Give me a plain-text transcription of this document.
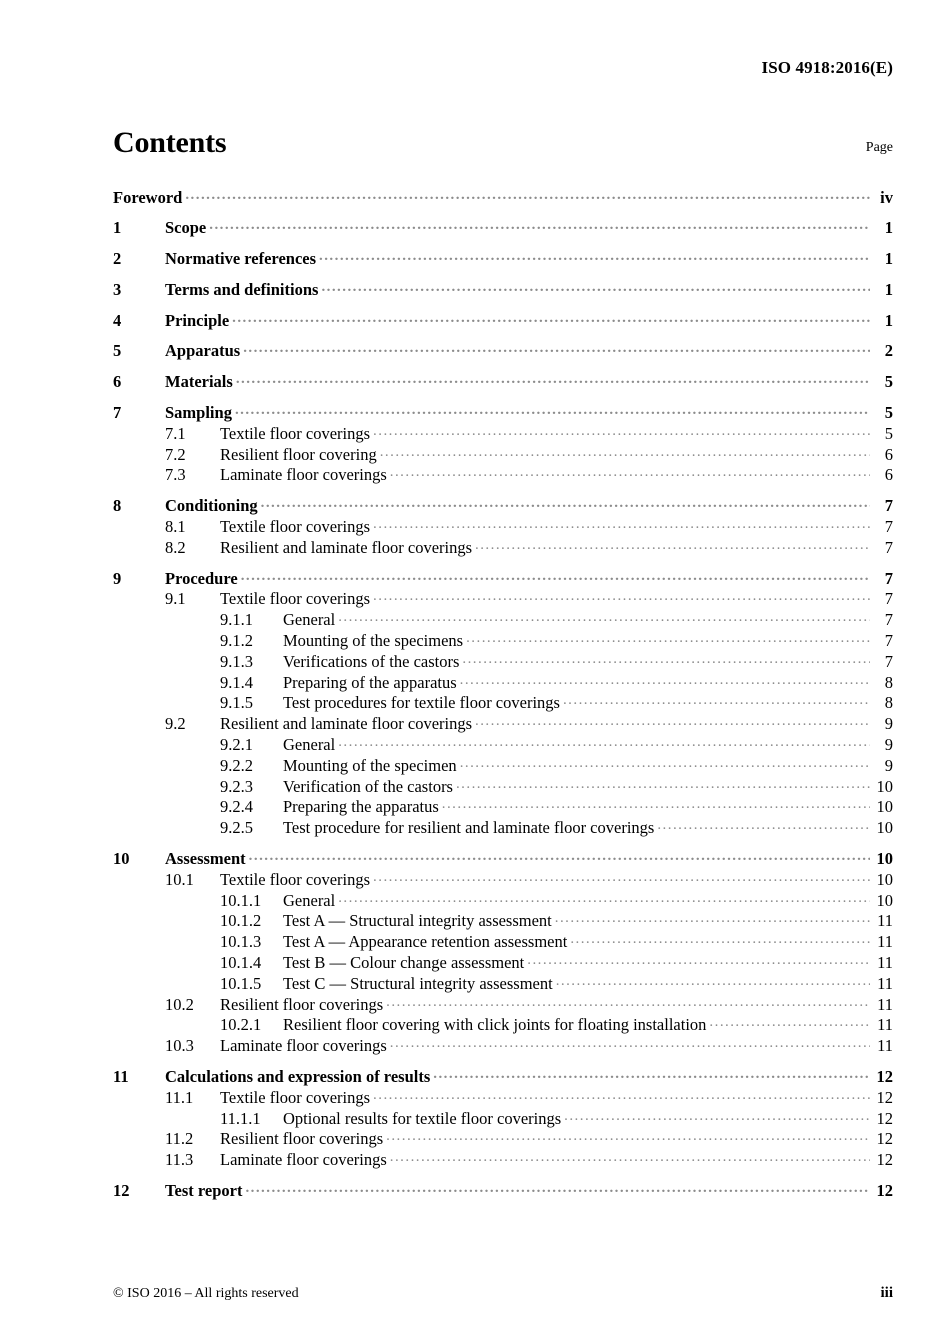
ISO 4918:2016(E)
Contents	Page
Foreword . . .	iv
1	Scope . . .	1
2	Normative references . . .	1
3	Terms and definitions . . .	1
4	Principle . . .	1
5	Apparatus . . .	2
6	Materials . . .	5
7	Sampling . . .	5
7.1	Textile floor coverings . . .	5
7.2	Resilient floor covering . . .	6
7.3	Laminate floor coverings . . .	6
8	Conditioning . . .	7
8.1	Textile floor coverings . . .	7
8.2	Resilient and laminate floor coverings . . .	7
9	Procedure . . .	7
9.1	Textile floor coverings . . .	7
9.1.1	General . . .	7
9.1.2	Mounting of the specimens . . .	7
9.1.3	Verifications of the castors . . .	7
9.1.4	Preparing of the apparatus . . .	8
9.1.5	Test procedures for textile floor coverings . . .	8
9.2	Resilient and laminate floor coverings . . .	9
9.2.1	General . . .	9
9.2.2	Mounting of the specimen . . .	9
9.2.3	Verification of the castors . . .	10
9.2.4	Preparing the apparatus . . .	10
9.2.5	Test procedure for resilient and laminate floor coverings . . .	10
10	Assessment . . .	10
10.1	Textile floor coverings . . .	10
10.1.1	General . . .	10
10.1.2	Test A — Structural integrity assessment . . .	11
10.1.3	Test A — Appearance retention assessment . . .	11
10.1.4	Test B — Colour change assessment . . .	11
10.1.5	Test C — Structural integrity assessment . . .	11
10.2	Resilient floor coverings . . .	11
10.2.1	Resilient floor covering with click joints for floating installation . . .	11
10.3	Laminate floor coverings . . .	11
11	Calculations and expression of results . . .	12
11.1	Textile floor coverings . . .	12
11.1.1	Optional results for textile floor coverings . . .	12
11.2	Resilient floor coverings . . .	12
11.3	Laminate floor coverings . . .	12
12	Test report . . .	12
© ISO 2016 – All rights reserved	iii
